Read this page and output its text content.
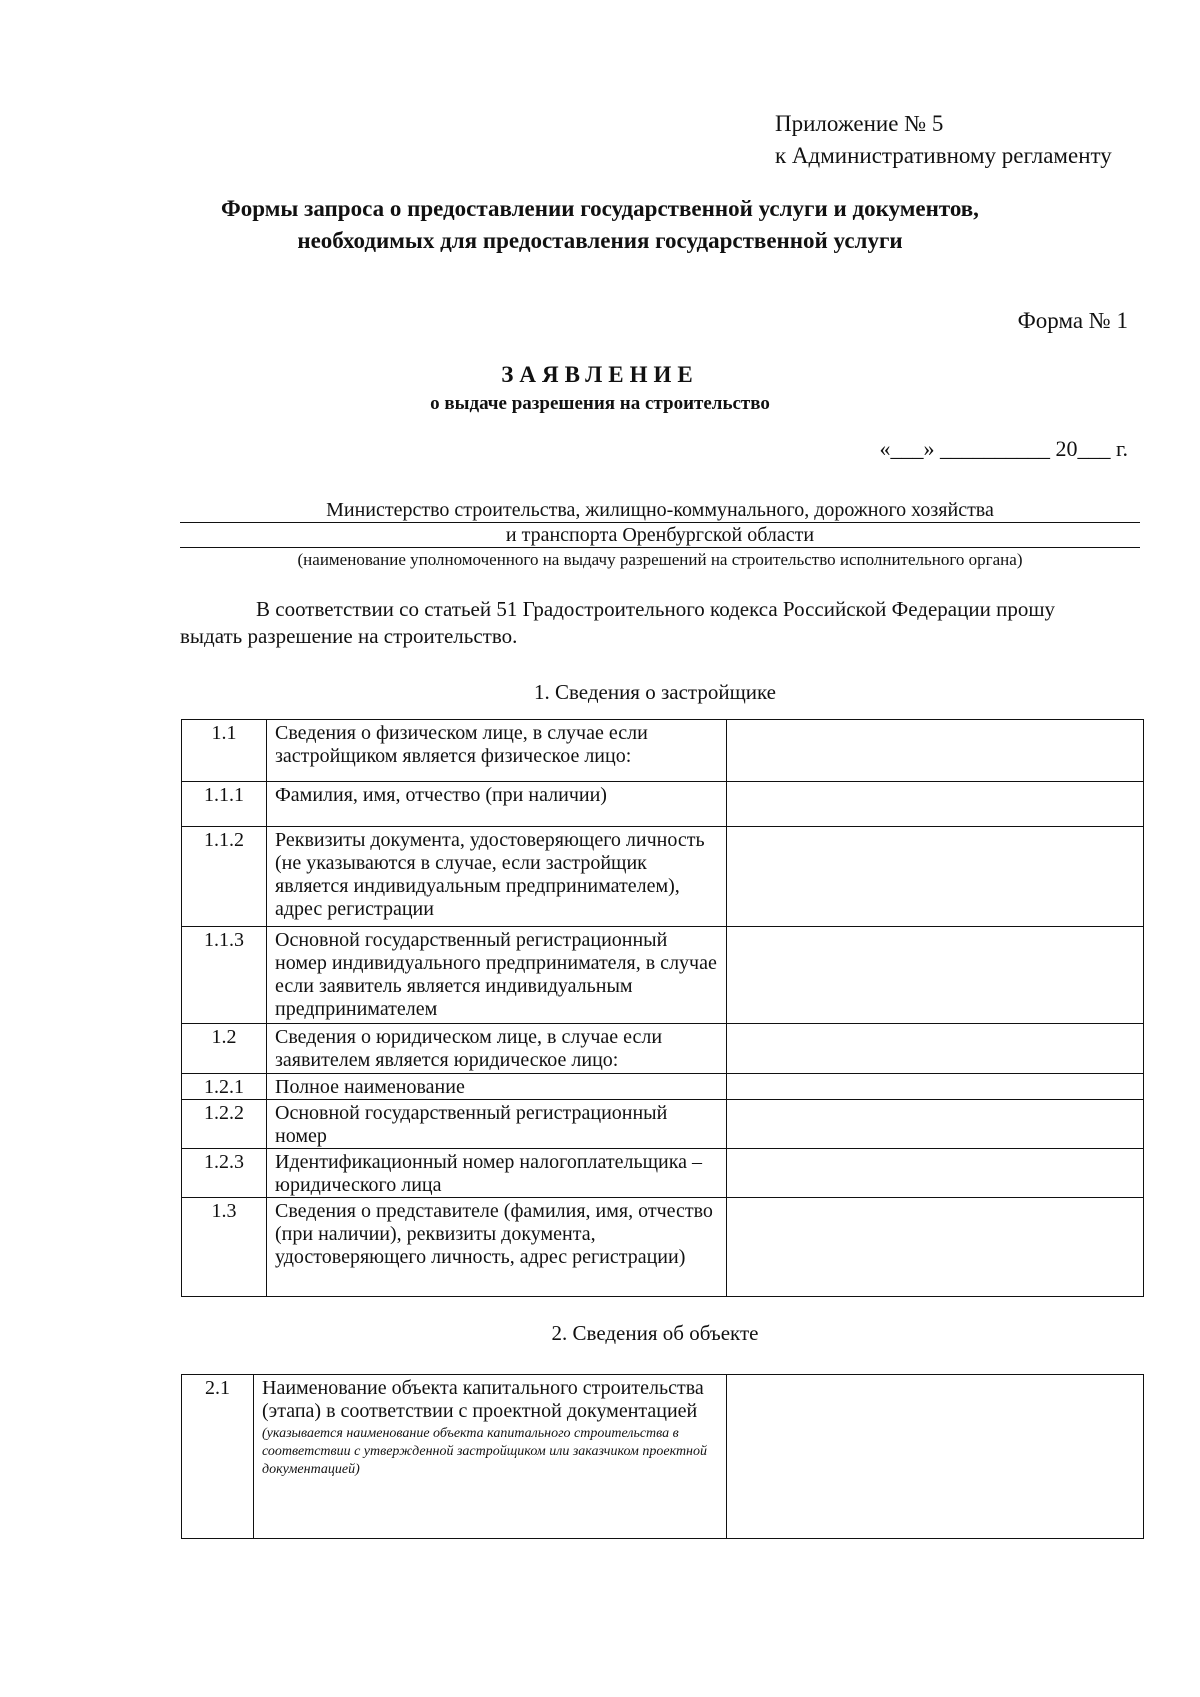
Приложение № 5
к Административному регламенту
Формы запроса о предоставлении государственной услуги и документов,
необходимых для предоставления государственной услуги
Форма № 1
ЗАЯВЛЕНИЕ
о выдаче разрешения на строительство
«___» __________ 20___ г.
Министерство строительства, жилищно-коммунального, дорожного хозяйства
и транспорта Оренбургской области
(наименование уполномоченного на выдачу разрешений на строительство исполнительного органа)
В соответствии со статьей 51 Градостроительного кодекса Российской Федерации прошу выдать разрешение на строительство.
1. Сведения о застройщике
1.1	Сведения о физическом лице, в случае если застройщиком является физическое лицо:	
1.1.1	Фамилия, имя, отчество (при наличии)	
1.1.2	Реквизиты документа, удостоверяющего личность (не указываются в случае, если застройщик является индивидуальным предпринимателем), адрес регистрации	
1.1.3	Основной государственный регистрационный номер индивидуального предпринимателя, в случае если заявитель является индивидуальным предпринимателем	
1.2	Сведения о юридическом лице, в случае если заявителем является юридическое лицо:	
1.2.1	Полное наименование	
1.2.2	Основной государственный регистрационный номер	
1.2.3	Идентификационный номер налогоплательщика – юридического лица	
1.3	Сведения о представителе (фамилия, имя, отчество (при наличии), реквизиты документа, удостоверяющего личность, адрес регистрации)	
2. Сведения об объекте
2.1	Наименование объекта капитального строительства (этапа) в соответствии с проектной документацией
(указывается наименование объекта капитального строительства в соответствии с утвержденной застройщиком или заказчиком проектной документацией)
